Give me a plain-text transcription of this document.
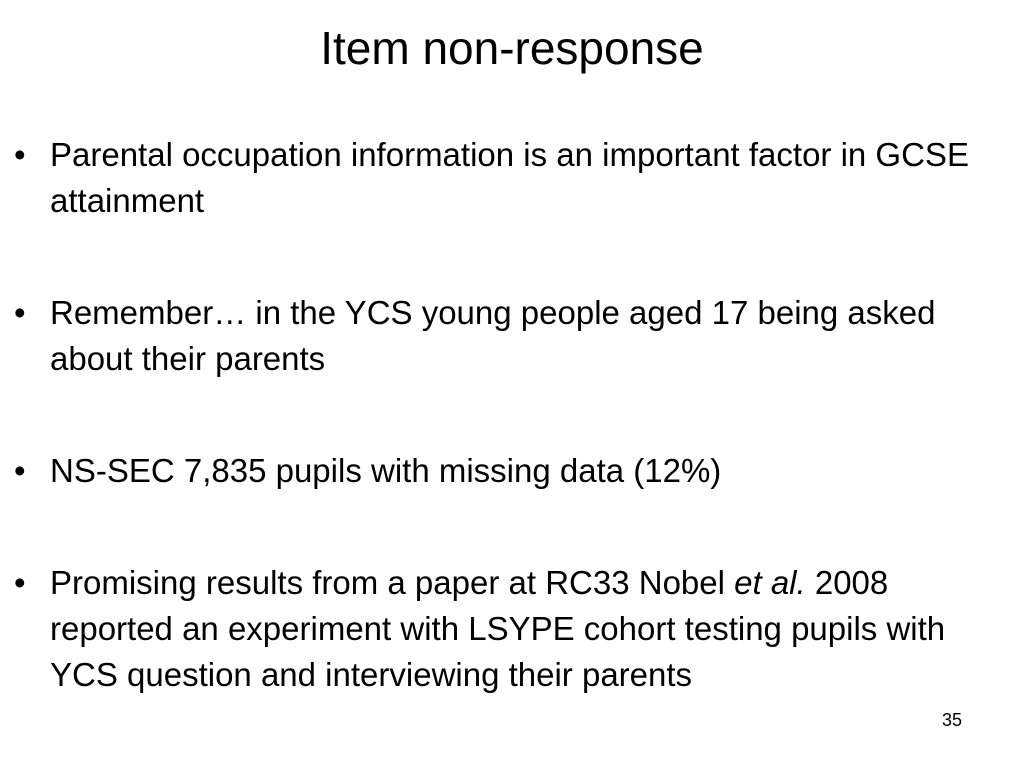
Item non-response
• Parental occupation information is an important factor in GCSE attainment
• Remember… in the YCS young people aged 17 being asked about their parents
• NS-SEC 7,835 pupils with missing data (12%)
• Promising results from a paper at RC33 Nobel et al. 2008 reported an experiment with LSYPE cohort testing pupils with YCS question and interviewing their parents
35
